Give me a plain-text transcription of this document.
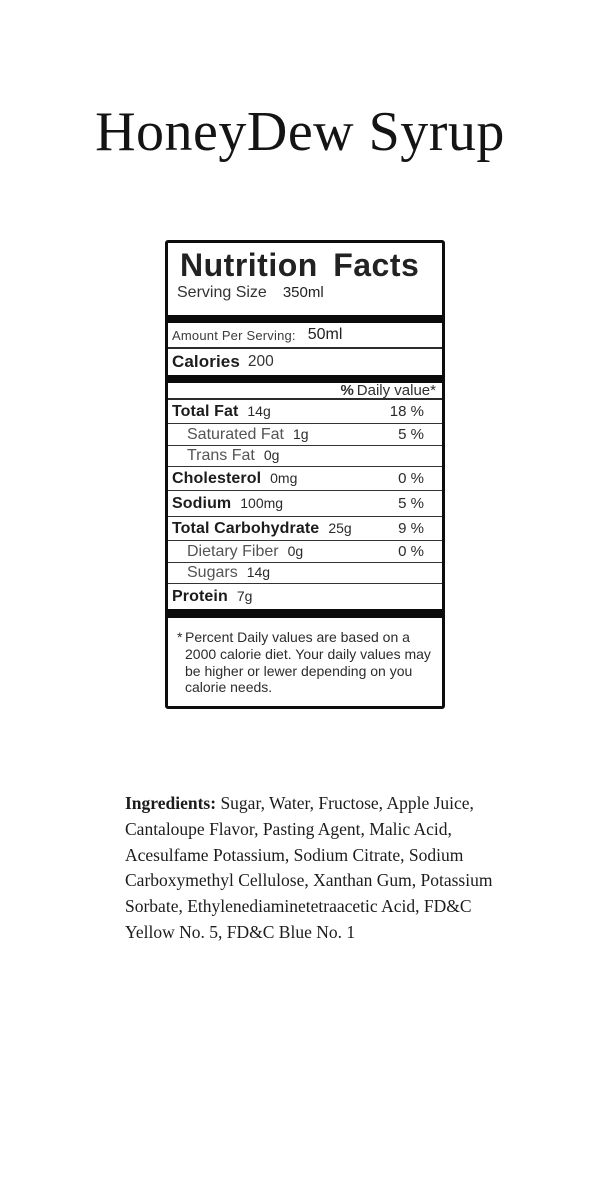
HoneyDew Syrup
Nutrition Facts
Serving Size 350ml
Amount Per Serving: 50ml
Calories 200
% Daily value*
Total Fat 14g	18 %
Saturated Fat 1g	5 %
Trans Fat 0g
Cholesterol 0mg	0 %
Sodium 100mg	5 %
Total Carbohydrate 25g	9 %
Dietary Fiber 0g	0 %
Sugars 14g
Protein 7g
* Percent Daily values are based on a 2000 calorie diet. Your daily values may be higher or lewer depending on you calorie needs.

Ingredients: Sugar, Water, Fructose, Apple Juice, Cantaloupe Flavor, Pasting Agent, Malic Acid, Acesulfame Potassium, Sodium Citrate, Sodium Carboxymethyl Cellulose, Xanthan Gum, Potassium Sorbate, Ethylenediaminetetraacetic Acid, FD&C Yellow No. 5, FD&C Blue No. 1
